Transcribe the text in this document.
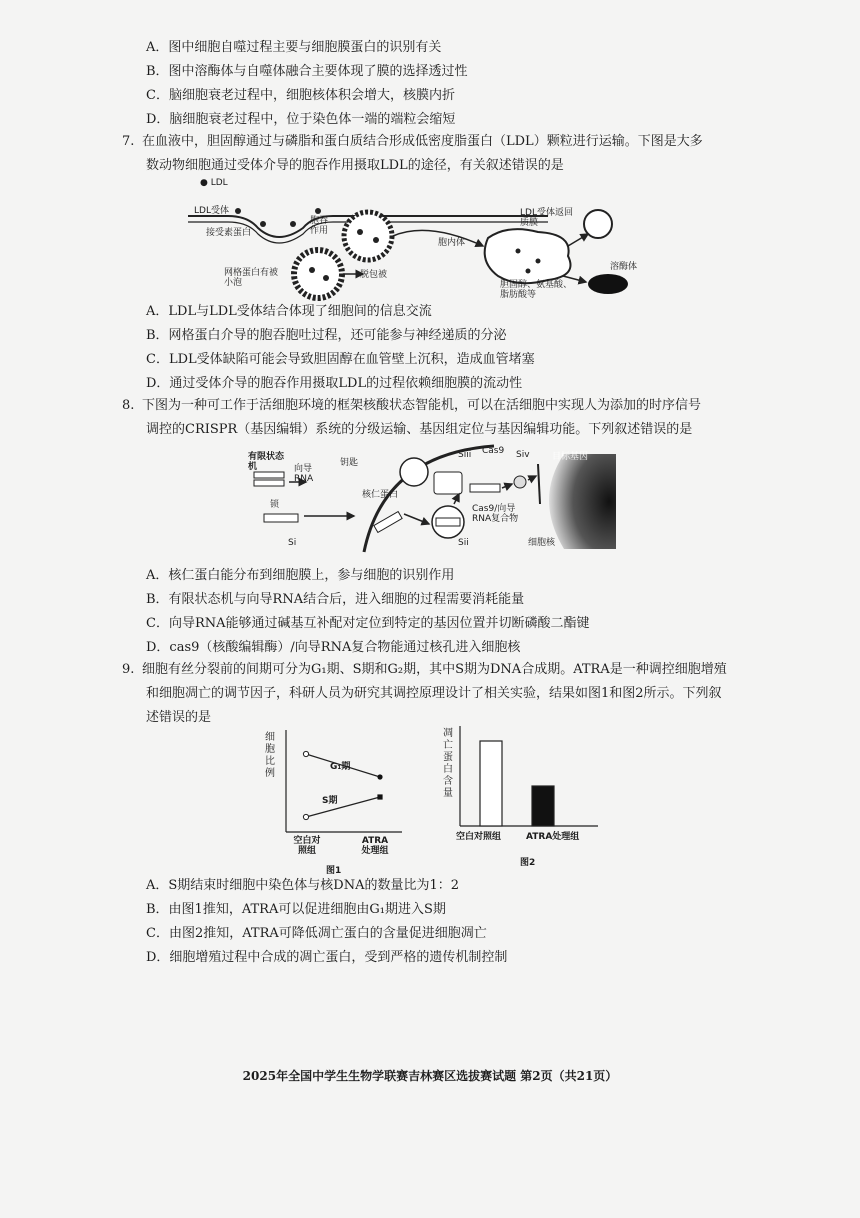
A．图中细胞自噬过程主要与细胞膜蛋白的识别有关
B．图中溶酶体与自噬体融合主要体现了膜的选择透过性
C．脑细胞衰老过程中，细胞核体积会增大，核膜内折
D．脑细胞衰老过程中，位于染色体一端的端粒会缩短
7. 在血液中，胆固醇通过与磷脂和蛋白质结合形成低密度脂蛋白（LDL）颗粒进行运输。下图是大多
数动物细胞通过受体介导的胞吞作用摄取LDL的途径，有关叙述错误的是
● LDL
LDL受体
接受素蛋白
胞吞作用
网格蛋白有被小泡
脱包被
LDL受体返回质膜
胞内体
溶酶体
胆固醇、氨基酸、脂肪酸等
A．LDL与LDL受体结合体现了细胞间的信息交流
B．网格蛋白介导的胞吞胞吐过程，还可能参与神经递质的分泌
C．LDL受体缺陷可能会导致胆固醇在血管壁上沉积，造成血管堵塞
D．通过受体介导的胞吞作用摄取LDL的过程依赖细胞膜的流动性
8. 下图为一种可工作于活细胞环境的框架核酸状态智能机，可以在活细胞中实现人为添加的时序信号
调控的CRISPR（基因编辑）系统的分级运输、基因组定位与基因编辑功能。下列叙述错误的是
有限状态机	向导RNA
锁
钥匙
核仁蛋白
Cas9
Cas9/向导RNA复合物
目标基因
细胞核
Si	Sii
Siii	Siv
A．核仁蛋白能分布到细胞膜上，参与细胞的识别作用
B．有限状态机与向导RNA结合后，进入细胞的过程需要消耗能量
C．向导RNA能够通过碱基互补配对定位到特定的基因位置并切断磷酸二酯键
D．cas9（核酸编辑酶）/向导RNA复合物能通过核孔进入细胞核
9. 细胞有丝分裂前的间期可分为G₁期、S期和G₂期，其中S期为DNA合成期。ATRA是一种调控细胞增殖
和细胞凋亡的调节因子，科研人员为研究其调控原理设计了相关实验，结果如图1和图2所示。下列叙
述错误的是
细胞比例
空白对照组
ATRA处理组
G₁期
S期
图1
凋亡蛋白含量
空白对照组	ATRA处理组
图2
A．S期结束时细胞中染色体与核DNA的数量比为1：2
B．由图1推知，ATRA可以促进细胞由G₁期进入S期
C．由图2推知，ATRA可降低凋亡蛋白的含量促进细胞凋亡
D．细胞增殖过程中合成的凋亡蛋白，受到严格的遗传机制控制
2025年全国中学生生物学联赛吉林赛区选拔赛试题 第2页（共21页）
